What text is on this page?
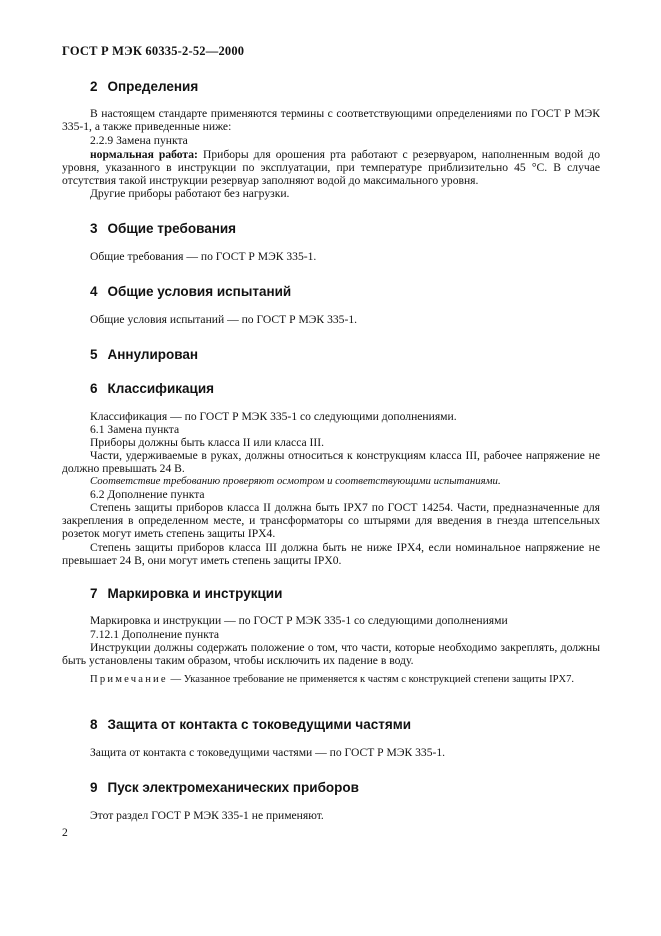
ГОСТ Р МЭК 60335-2-52—2000
2 Определения

В настоящем стандарте применяются термины с соответствующими определениями по ГОСТ Р МЭК 335-1, а также приведенные ниже:

2.2.9 Замена пункта

нормальная работа: Приборы для орошения рта работают с резервуаром, наполненным водой до уровня, указанного в инструкции по эксплуатации, при температуре приблизительно 45 °С. В случае отсутствия такой инструкции резервуар заполняют водой до максимального уровня.

Другие приборы работают без нагрузки.

3 Общие требования

Общие требования — по ГОСТ Р МЭК 335-1.

4 Общие условия испытаний

Общие условия испытаний — по ГОСТ Р МЭК 335-1.

5 Аннулирован
6 Классификация

Классификация — по ГОСТ Р МЭК 335-1 со следующими дополнениями.

6.1 Замена пункта

Приборы должны быть класса II или класса III.

Части, удерживаемые в руках, должны относиться к конструкциям класса III, рабочее напряжение не должно превышать 24 В.

Соответствие требованию проверяют осмотром и соответствующими испытаниями.

6.2 Дополнение пункта

Степень защиты приборов класса II должна быть IPX7 по ГОСТ 14254. Части, предназначенные для закрепления в определенном месте, и трансформаторы со штырями для введения в гнезда штепсельных розеток могут иметь степень защиты IPX4.

Степень защиты приборов класса III должна быть не ниже IPX4, если номинальное напряжение не превышает 24 В, они могут иметь степень защиты IPX0.

7 Маркировка и инструкции

Маркировка и инструкции — по ГОСТ Р МЭК 335-1 со следующими дополнениями

7.12.1 Дополнение пункта

Инструкции должны содержать положение о том, что части, которые необходимо закреплять, должны быть установлены таким образом, чтобы исключить их падение в воду.

Примечание — Указанное требование не применяется к частям с конструкцией степени защиты IPX7.

8 Защита от контакта с токоведущими частями

Защита от контакта с токоведущими частями — по ГОСТ Р МЭК 335-1.

9 Пуск электромеханических приборов

Этот раздел ГОСТ Р МЭК 335-1 не применяют.

2
